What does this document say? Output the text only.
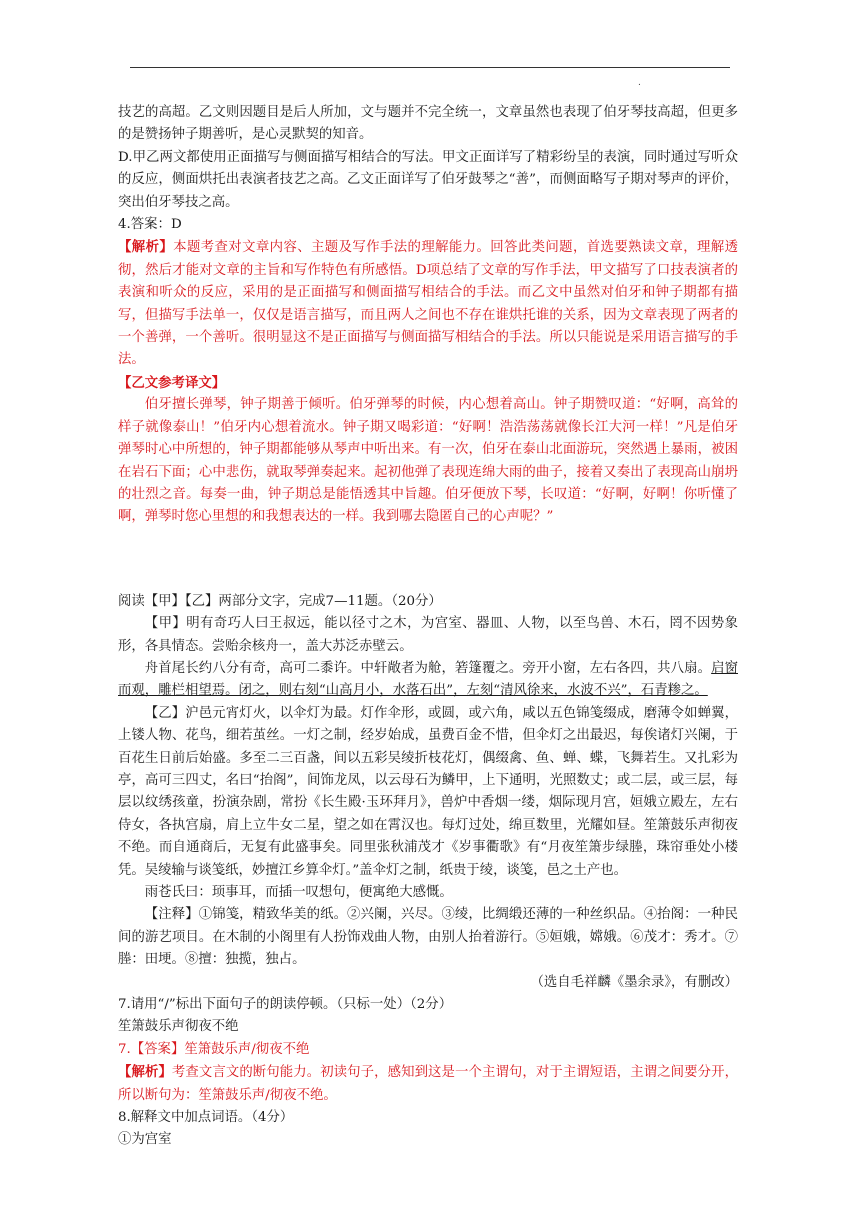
.

技艺的高超。乙文则因题目是后人所加，文与题并不完全统一，文章虽然也表现了伯牙琴技高超，但更多的是赞扬钟子期善听，是心灵默契的知音。

D.甲乙两文都使用正面描写与侧面描写相结合的写法。甲文正面详写了精彩纷呈的表演，同时通过写听众的反应，侧面烘托出表演者技艺之高。乙文正面详写了伯牙鼓琴之“善”，而侧面略写子期对琴声的评价，突出伯牙琴技之高。

4.答案：D

【解析】本题考查对文章内容、主题及写作手法的理解能力。回答此类问题，首选要熟读文章，理解透彻，然后才能对文章的主旨和写作特色有所感悟。D项总结了文章的写作手法，甲文描写了口技表演者的表演和听众的反应，采用的是正面描写和侧面描写相结合的手法。而乙文中虽然对伯牙和钟子期都有描写，但描写手法单一，仅仅是语言描写，而且两人之间也不存在谁烘托谁的关系，因为文章表现了两者的一个善弹，一个善听。很明显这不是正面描写与侧面描写相结合的手法。所以只能说是采用语言描写的手法。

【乙文参考译文】

伯牙擅长弹琴，钟子期善于倾听。伯牙弹琴的时候，内心想着高山。钟子期赞叹道：“好啊，高耸的样子就像泰山！”伯牙内心想着流水。钟子期又喝彩道：“好啊！浩浩荡荡就像长江大河一样！”凡是伯牙弹琴时心中所想的，钟子期都能够从琴声中听出来。有一次，伯牙在泰山北面游玩，突然遇上暴雨，被困在岩石下面；心中悲伤，就取琴弹奏起来。起初他弹了表现连绵大雨的曲子，接着又奏出了表现高山崩坍的壮烈之音。每奏一曲，钟子期总是能悟透其中旨趣。伯牙便放下琴，长叹道：“好啊，好啊！你听懂了啊，弹琴时您心里想的和我想表达的一样。我到哪去隐匿自己的心声呢？”

阅读【甲】【乙】两部分文字，完成7—11题。（20分）

【甲】明有奇巧人曰王叔远，能以径寸之木，为宫室、器皿、人物，以至鸟兽、木石，罔不因势象形，各具情态。尝贻余核舟一，盖大苏泛赤壁云。

舟首尾长约八分有奇，高可二黍许。中轩敞者为舱，箬篷覆之。旁开小窗，左右各四，共八扇。启窗而观，雕栏相望焉。闭之，则右刻“山高月小，水落石出”，左刻“清风徐来，水波不兴”，石青糁之。

【乙】沪邑元宵灯火，以伞灯为最。灯作伞形，或圆，或六角，咸以五色锦笺缀成，磨薄令如蝉翼，上镂人物、花鸟，细若茧丝。一灯之制，经岁始成，虽费百金不惜，但伞灯之出最迟，每俟诸灯兴阑，于百花生日前后始盛。多至二三百盏，间以五彩吴绫折枝花灯，偶缀禽、鱼、蝉、蝶，飞舞若生。又扎彩为亭，高可三四丈，名曰“抬阁”，间饰龙凤，以云母石为鳞甲，上下通明，光照数丈；或二层，或三层，每层以纹绣孩童，扮演杂剧，常扮《长生殿·玉环拜月》，兽炉中香烟一缕，烟际现月宫，姮娥立殿左，左右侍女，各执宫扇，肩上立牛女二星，望之如在霄汉也。每灯过处，绵亘数里，光耀如昼。笙箫鼓乐声彻夜不绝。而自通商后，无复有此盛事矣。同里张秋浦茂才《岁事衢歌》有“月夜笙箫步绿塍，珠帘垂处小楼凭。吴绫输与谈笺纸，妙擅江乡算伞灯。”盖伞灯之制，纸贵于绫，谈笺，邑之土产也。

雨苍氏曰：顼事耳，而插一叹想句，便寓绝大感慨。

【注释】①锦笺，精致华美的纸。②兴阑，兴尽。③绫，比绸缎还薄的一种丝织品。④抬阁：一种民间的游艺项目。在木制的小阁里有人扮饰戏曲人物，由别人抬着游行。⑤姮娥，嫦娥。⑥茂才：秀才。⑦塍：田埂。⑧擅：独揽，独占。

（选自毛祥麟《墨余录》，有删改）

7.请用“/”标出下面句子的朗读停顿。（只标一处）（2分）

笙箫鼓乐声彻夜不绝

7.【答案】笙箫鼓乐声/彻夜不绝

【解析】考查文言文的断句能力。初读句子，感知到这是一个主谓句，对于主谓短语，主谓之间要分开，所以断句为：笙箫鼓乐声/彻夜不绝。

8.解释文中加点词语。（4分）

①为宫室
